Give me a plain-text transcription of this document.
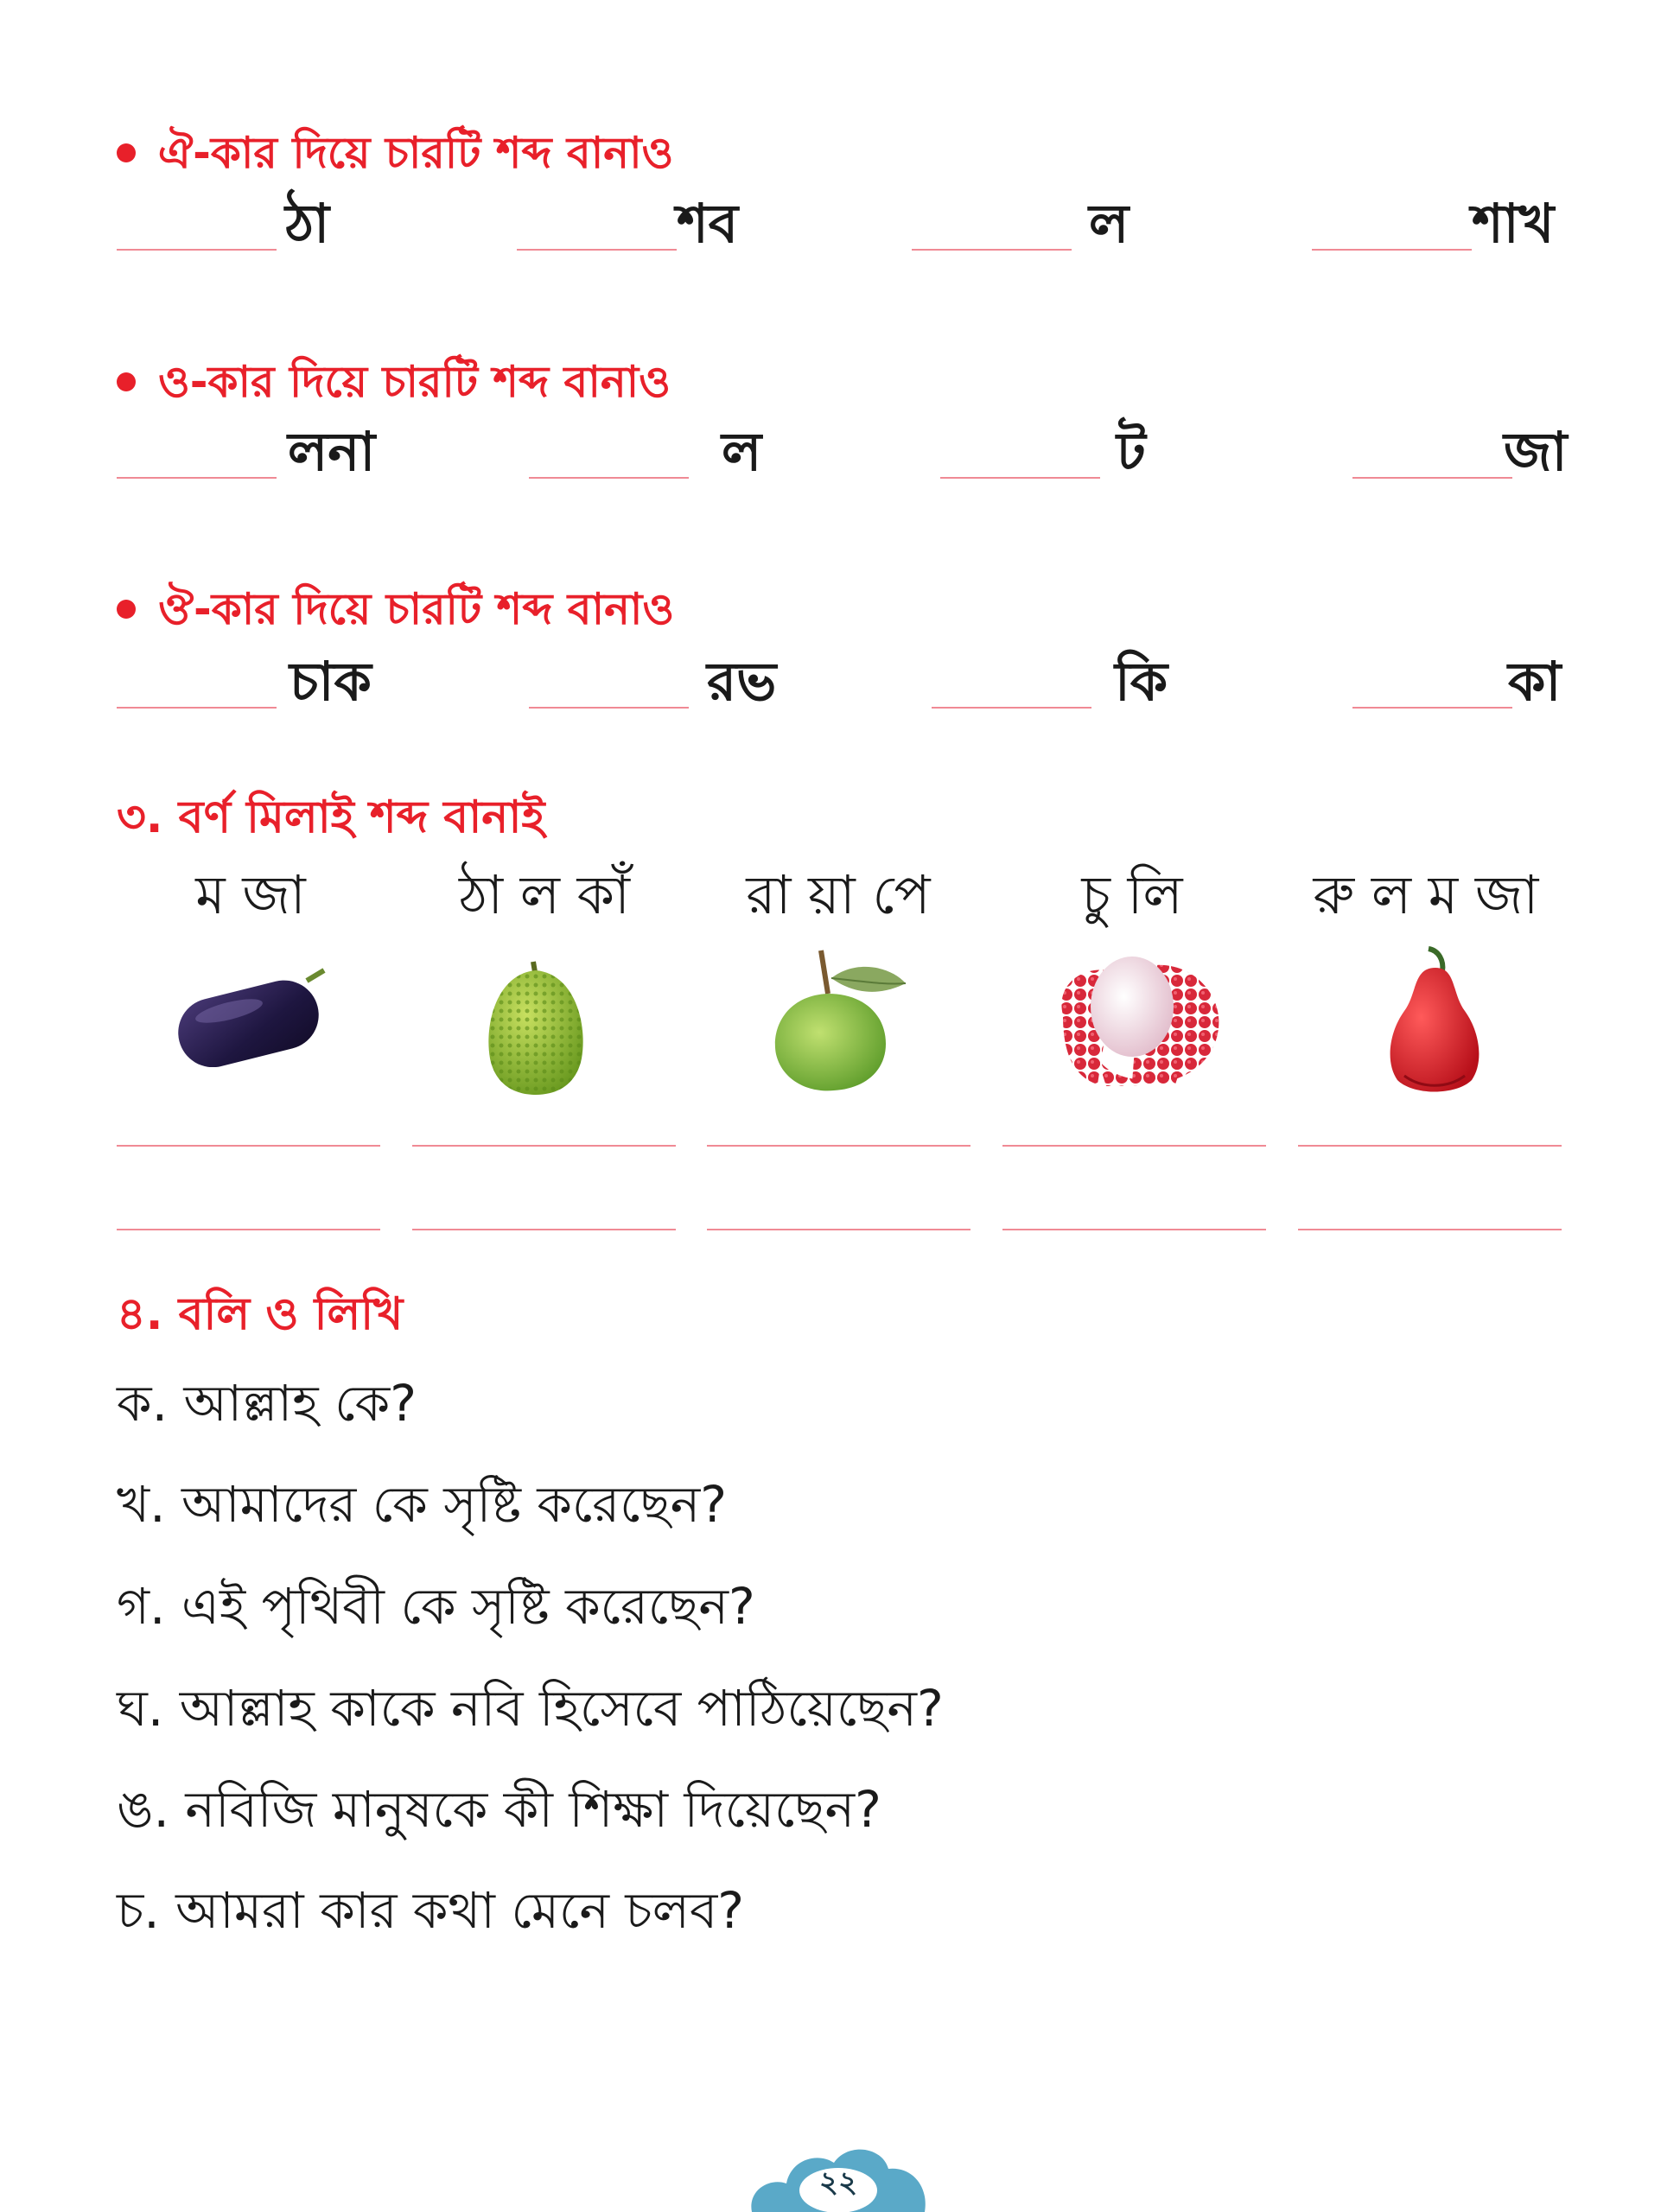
ঐ-কার দিয়ে চারটি শব্দ বানাও
ঠা	শব	ল	শাখ
ও-কার দিয়ে চারটি শব্দ বানাও
লনা	ল	ট	জা
ঔ-কার দিয়ে চারটি শব্দ বানাও
চাক	রভ	কি	কা
৩. বর্ণ মিলাই শব্দ বানাই
ম জা	ঠা ল কাঁ	রা য়া পে	চু লি	রু ল ম জা
৪. বলি ও লিখি
ক. আল্লাহ কে?
খ. আমাদের কে সৃষ্টি করেছেন?
গ. এই পৃথিবী কে সৃষ্টি করেছেন?
ঘ. আল্লাহ কাকে নবি হিসেবে পাঠিয়েছেন?
ঙ. নবিজি মানুষকে কী শিক্ষা দিয়েছেন?
চ. আমরা কার কথা মেনে চলব?
২২
